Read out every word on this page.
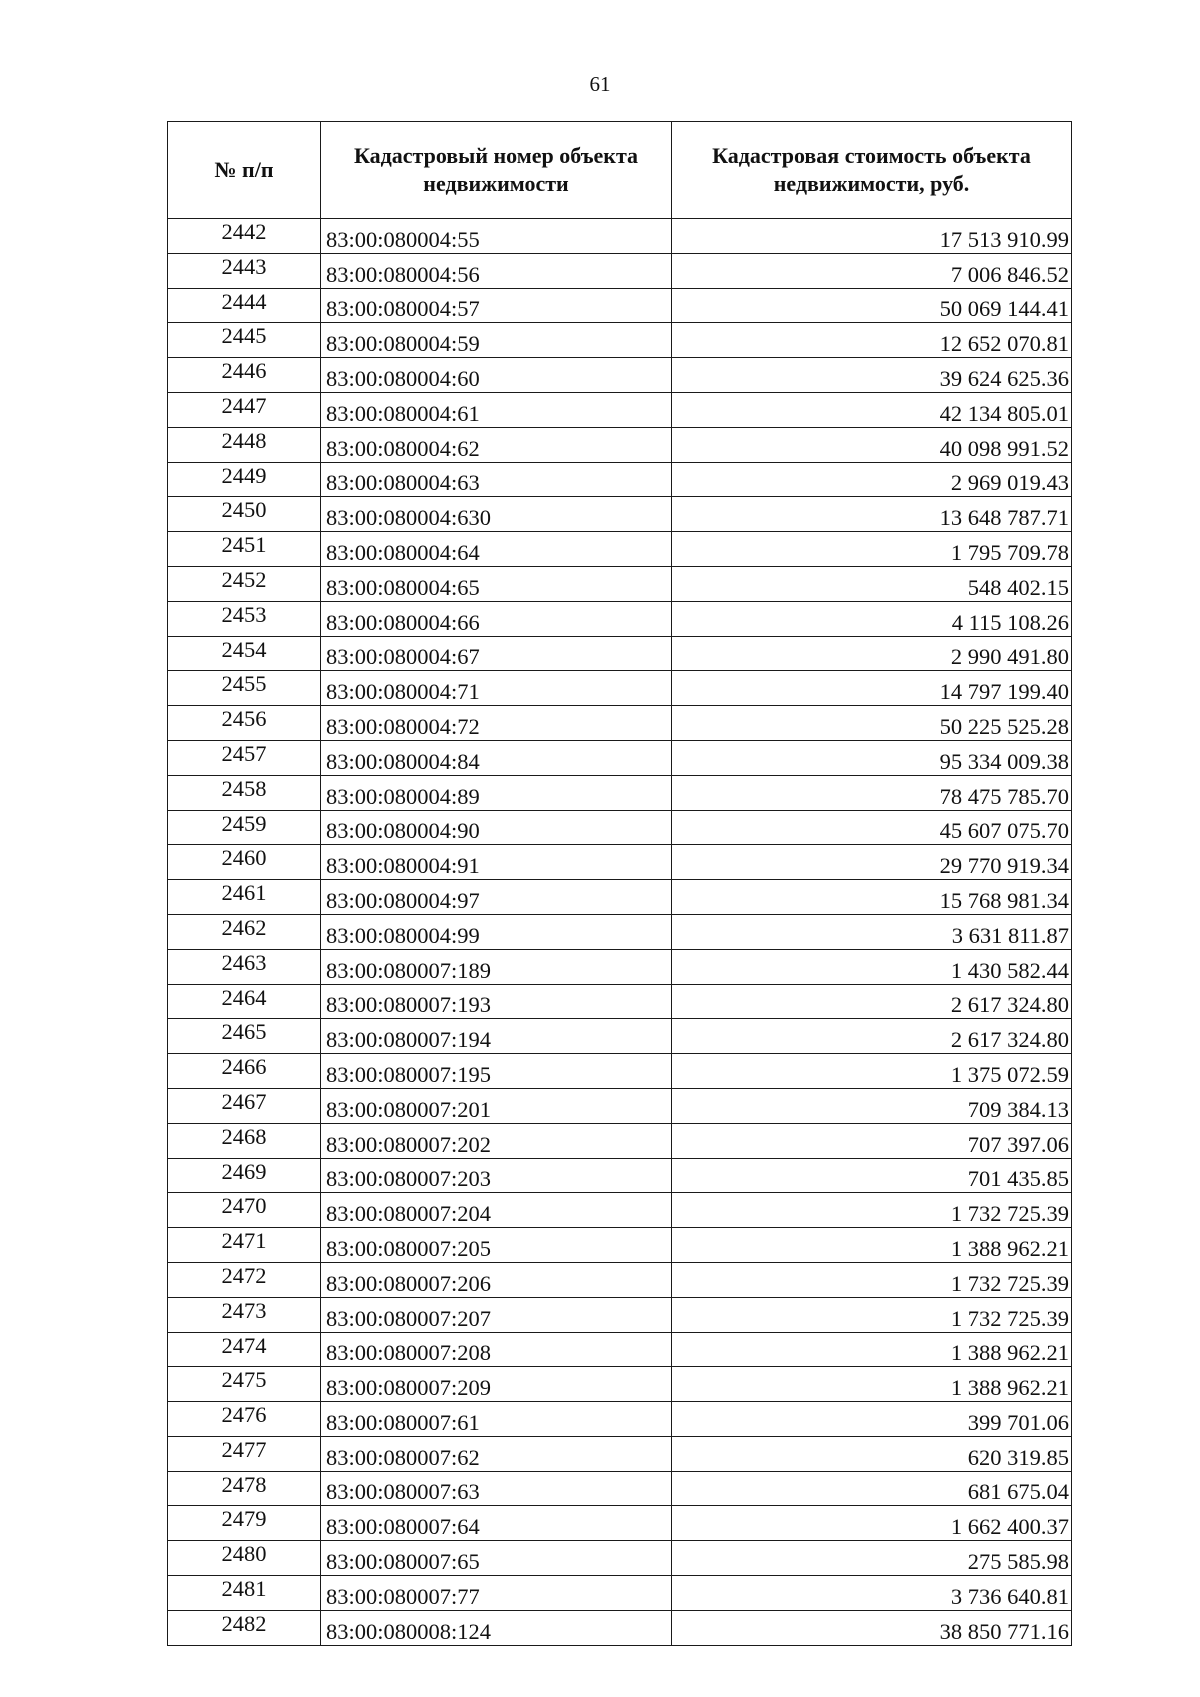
61
№ п/п	Кадастровый номер объекта недвижимости	Кадастровая стоимость объекта недвижимости, руб.
2442	83:00:080004:55	17 513 910.99
2443	83:00:080004:56	7 006 846.52
2444	83:00:080004:57	50 069 144.41
2445	83:00:080004:59	12 652 070.81
2446	83:00:080004:60	39 624 625.36
2447	83:00:080004:61	42 134 805.01
2448	83:00:080004:62	40 098 991.52
2449	83:00:080004:63	2 969 019.43
2450	83:00:080004:630	13 648 787.71
2451	83:00:080004:64	1 795 709.78
2452	83:00:080004:65	548 402.15
2453	83:00:080004:66	4 115 108.26
2454	83:00:080004:67	2 990 491.80
2455	83:00:080004:71	14 797 199.40
2456	83:00:080004:72	50 225 525.28
2457	83:00:080004:84	95 334 009.38
2458	83:00:080004:89	78 475 785.70
2459	83:00:080004:90	45 607 075.70
2460	83:00:080004:91	29 770 919.34
2461	83:00:080004:97	15 768 981.34
2462	83:00:080004:99	3 631 811.87
2463	83:00:080007:189	1 430 582.44
2464	83:00:080007:193	2 617 324.80
2465	83:00:080007:194	2 617 324.80
2466	83:00:080007:195	1 375 072.59
2467	83:00:080007:201	709 384.13
2468	83:00:080007:202	707 397.06
2469	83:00:080007:203	701 435.85
2470	83:00:080007:204	1 732 725.39
2471	83:00:080007:205	1 388 962.21
2472	83:00:080007:206	1 732 725.39
2473	83:00:080007:207	1 732 725.39
2474	83:00:080007:208	1 388 962.21
2475	83:00:080007:209	1 388 962.21
2476	83:00:080007:61	399 701.06
2477	83:00:080007:62	620 319.85
2478	83:00:080007:63	681 675.04
2479	83:00:080007:64	1 662 400.37
2480	83:00:080007:65	275 585.98
2481	83:00:080007:77	3 736 640.81
2482	83:00:080008:124	38 850 771.16
